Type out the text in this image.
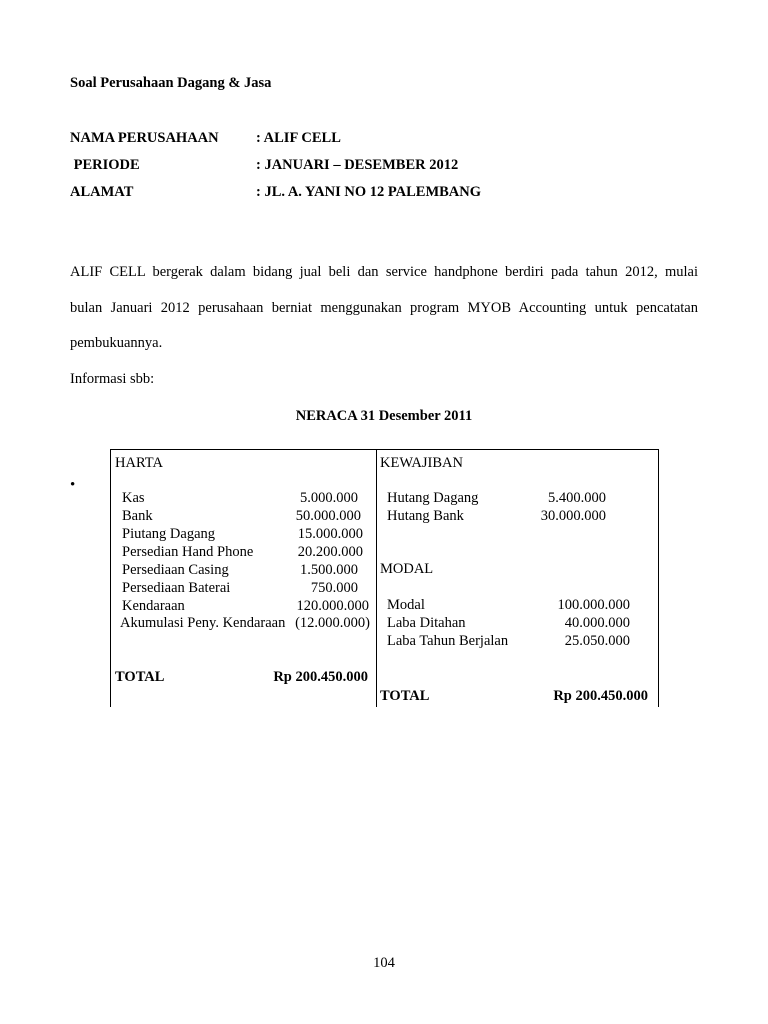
Soal Perusahaan Dagang & Jasa
NAMA PERUSAHAAN	: ALIF CELL
PERIODE	: JANUARI – DESEMBER 2012
ALAMAT	: JL. A. YANI NO 12 PALEMBANG
ALIF CELL bergerak dalam bidang jual beli dan service handphone berdiri pada tahun 2012, mulai
bulan Januari 2012 perusahaan berniat menggunakan program MYOB Accounting untuk pencatatan
pembukuannya.
Informasi sbb:
NERACA 31 Desember 2011
•
HARTA
Kas	5.000.000
Bank	50.000.000
Piutang Dagang	15.000.000
Persedian Hand Phone	20.200.000
Persediaan Casing	1.500.000
Persediaan Baterai	750.000
Kendaraan	120.000.000
Akumulasi Peny. Kendaraan (12.000.000)
TOTAL	Rp 200.450.000
KEWAJIBAN
Hutang Dagang	5.400.000
Hutang Bank	30.000.000
MODAL
Modal	100.000.000
Laba Ditahan	40.000.000
Laba Tahun Berjalan	25.050.000
TOTAL	Rp 200.450.000
104
